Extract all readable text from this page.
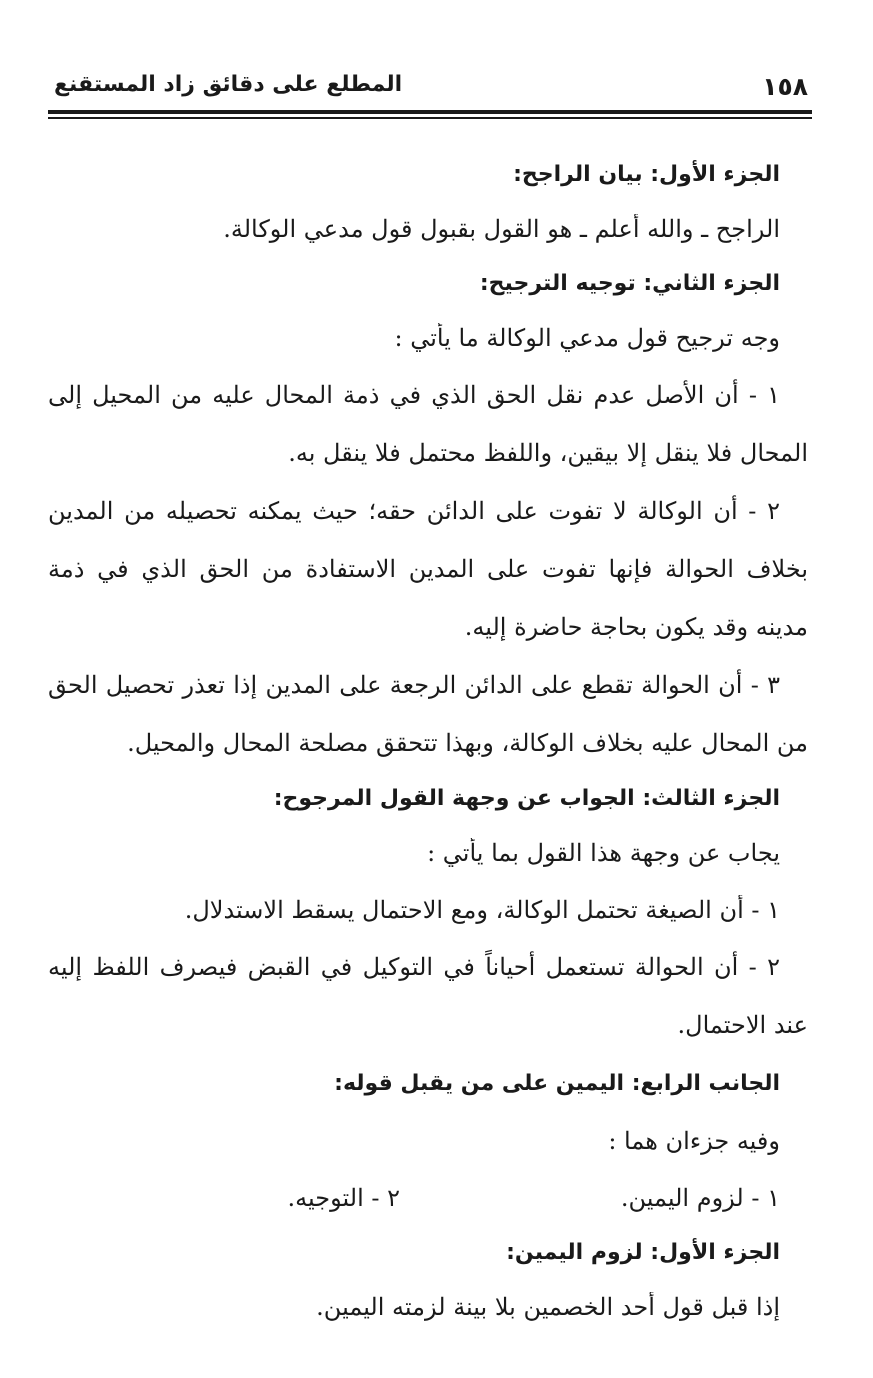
١٥٨
المطلع على دقائق زاد المستقنع
الجزء الأول: بيان الراجح:
الراجح ـ والله أعلم ـ هو القول بقبول قول مدعي الوكالة.
الجزء الثاني: توجيه الترجيح:
وجه ترجيح قول مدعي الوكالة ما يأتي :

١ - أن الأصل عدم نقل الحق الذي في ذمة المحال عليه من المحيل إلى المحال فلا ينقل إلا بيقين، واللفظ محتمل فلا ينقل به.

٢ - أن الوكالة لا تفوت على الدائن حقه؛ حيث يمكنه تحصيله من المدين بخلاف الحوالة فإنها تفوت على المدين الاستفادة من الحق الذي في ذمة مدينه وقد يكون بحاجة حاضرة إليه.

٣ - أن الحوالة تقطع على الدائن الرجعة على المدين إذا تعذر تحصيل الحق من المحال عليه بخلاف الوكالة، وبهذا تتحقق مصلحة المحال والمحيل.

الجزء الثالث: الجواب عن وجهة القول المرجوح:
يجاب عن وجهة هذا القول بما يأتي :
١ - أن الصيغة تحتمل الوكالة، ومع الاحتمال يسقط الاستدلال.

٢ - أن الحوالة تستعمل أحياناً في التوكيل في القبض فيصرف اللفظ إليه عند الاحتمال.

الجانب الرابع: اليمين على من يقبل قوله:
وفيه جزءان هما :
١ - لزوم اليمين.
٢ - التوجيه.
الجزء الأول: لزوم اليمين:
إذا قبل قول أحد الخصمين بلا بينة لزمته اليمين.
